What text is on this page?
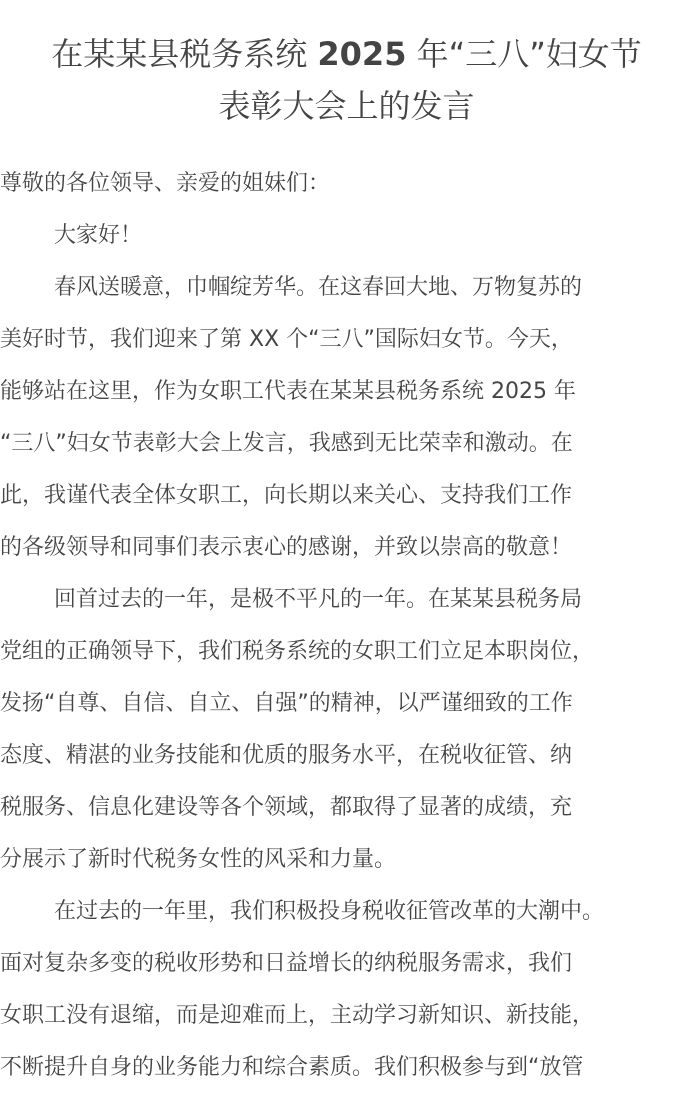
在某某县税务系统 2025 年“三八”妇女节
表彰大会上的发言
尊敬的各位领导、亲爱的姐妹们：
大家好！
春风送暖意，巾帼绽芳华。在这春回大地、万物复苏的
美好时节，我们迎来了第 XX 个“三八”国际妇女节。今天，
能够站在这里，作为女职工代表在某某县税务系统 2025 年
“三八”妇女节表彰大会上发言，我感到无比荣幸和激动。在
此，我谨代表全体女职工，向长期以来关心、支持我们工作
的各级领导和同事们表示衷心的感谢，并致以崇高的敬意！
回首过去的一年，是极不平凡的一年。在某某县税务局
党组的正确领导下，我们税务系统的女职工们立足本职岗位，
发扬“自尊、自信、自立、自强”的精神，以严谨细致的工作
态度、精湛的业务技能和优质的服务水平，在税收征管、纳
税服务、信息化建设等各个领域，都取得了显著的成绩，充
分展示了新时代税务女性的风采和力量。
在过去的一年里，我们积极投身税收征管改革的大潮中。
面对复杂多变的税收形势和日益增长的纳税服务需求，我们
女职工没有退缩，而是迎难而上，主动学习新知识、新技能，
不断提升自身的业务能力和综合素质。我们积极参与到“放管
